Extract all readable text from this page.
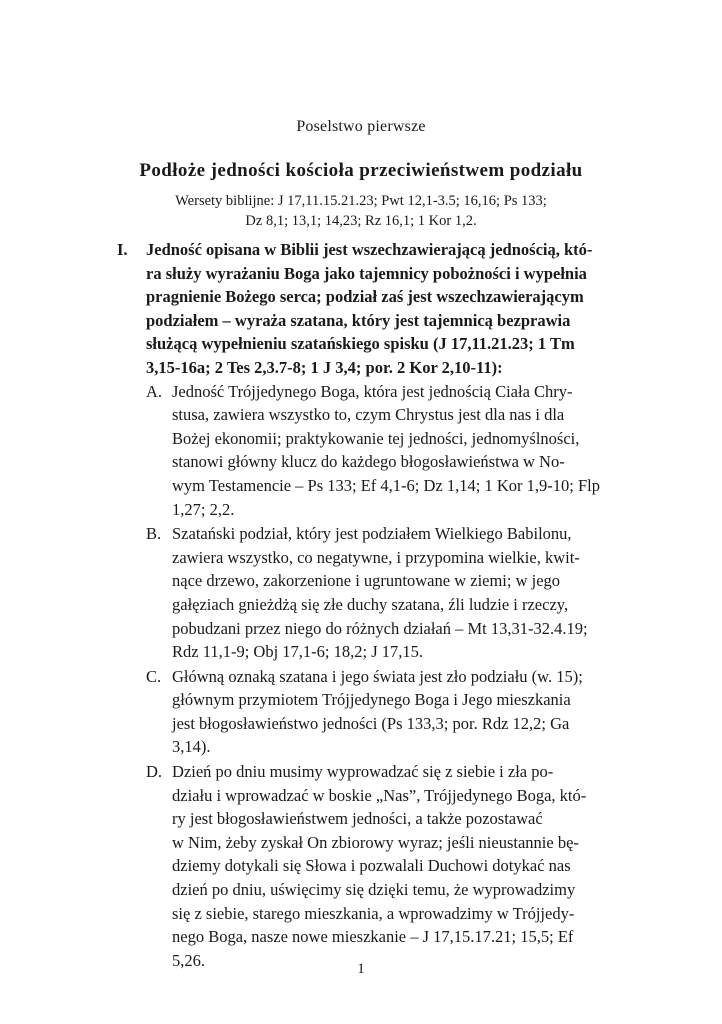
Poselstwo pierwsze
Podłoże jedności kościoła przeciwieństwem podziału
Wersety biblijne: J 17,11.15.21.23; Pwt 12,1-3.5; 16,16; Ps 133;
Dz 8,1; 13,1; 14,23; Rz 16,1; 1 Kor 1,2.
I. Jedność opisana w Biblii jest wszechzawierającą jednością, któ-
ra służy wyrażaniu Boga jako tajemnicy pobożności i wypełnia
pragnienie Bożego serca; podział zaś jest wszechzawierającym
podziałem – wyraża szatana, który jest tajemnicą bezprawia
służącą wypełnieniu szatańskiego spisku (J 17,11.21.23; 1 Tm
3,15-16a; 2 Tes 2,3.7-8; 1 J 3,4; por. 2 Kor 2,10-11):
A. Jedność Trójjedynego Boga, która jest jednością Ciała Chry-
stusa, zawiera wszystko to, czym Chrystus jest dla nas i dla
Bożej ekonomii; praktykowanie tej jedności, jednomyślności,
stanowi główny klucz do każdego błogosławieństwa w No-
wym Testamencie – Ps 133; Ef 4,1-6; Dz 1,14; 1 Kor 1,9-10; Flp
1,27; 2,2.
B. Szatański podział, który jest podziałem Wielkiego Babilonu,
zawiera wszystko, co negatywne, i przypomina wielkie, kwit-
nące drzewo, zakorzenione i ugruntowane w ziemi; w jego
gałęziach gnieżdżą się złe duchy szatana, źli ludzie i rzeczy,
pobudzani przez niego do różnych działań – Mt 13,31-32.4.19;
Rdz 11,1-9; Obj 17,1-6; 18,2; J 17,15.
C. Główną oznaką szatana i jego świata jest zło podziału (w. 15);
głównym przymiotem Trójjedynego Boga i Jego mieszkania
jest błogosławieństwo jedności (Ps 133,3; por. Rdz 12,2; Ga
3,14).
D. Dzień po dniu musimy wyprowadzać się z siebie i zła po-
działu i wprowadzać w boskie „Nas”, Trójjedynego Boga, któ-
ry jest błogosławieństwem jedności, a także pozostawać
w Nim, żeby zyskał On zbiorowy wyraz; jeśli nieustannie bę-
dziemy dotykali się Słowa i pozwalali Duchowi dotykać nas
dzień po dniu, uświęcimy się dzięki temu, że wyprowadzimy
się z siebie, starego mieszkania, a wprowadzimy w Trójjedy-
nego Boga, nasze nowe mieszkanie – J 17,15.17.21; 15,5; Ef
5,26.	1
